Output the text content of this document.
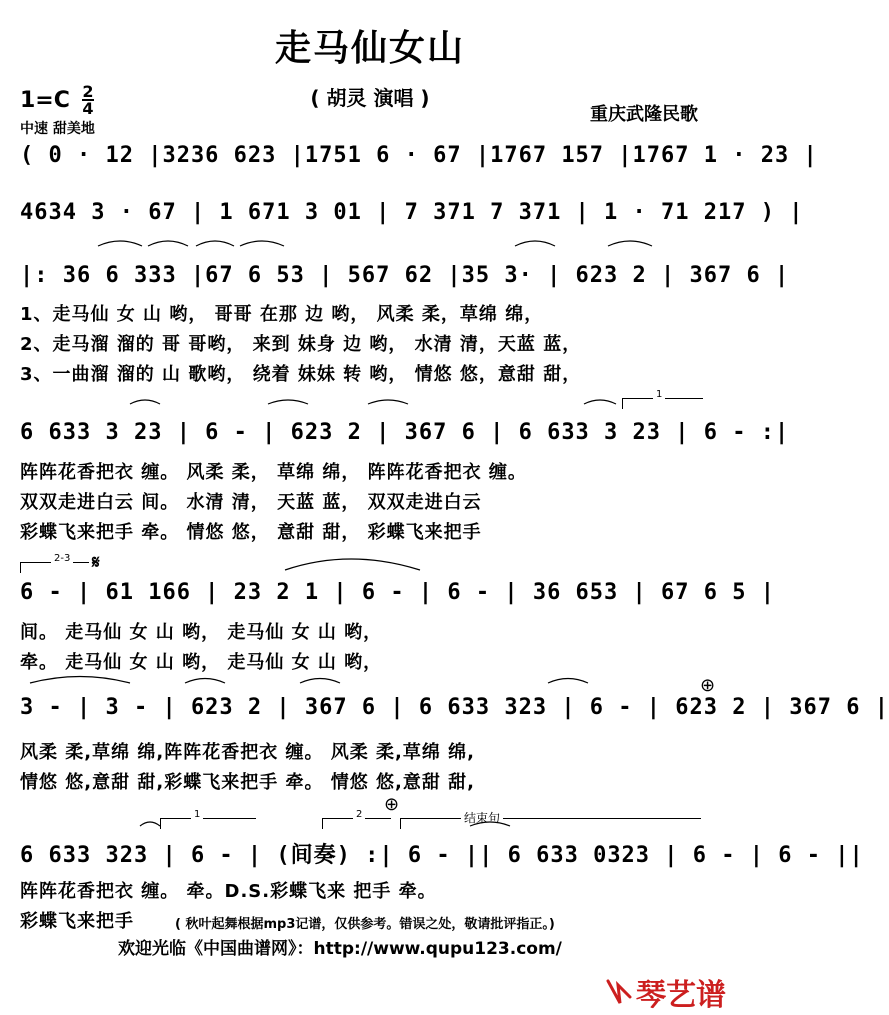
走马仙女山
( 胡灵 演唱 )
1=C 2
4
中速 甜美地
重庆武隆民歌
( 0 · 12 |3236 623 |1751 6 · 67 |1767 157 |1767 1 · 23 |
4634 3 · 67 | 1 671 3 01 | 7 371 7 371 | 1 · 71 217 ) |
|: 36 6 333 |67 6 53 | 567 62 |35 3· | 623 2 | 367 6 |
1、走马仙 女 山 哟， 哥哥 在那 边 哟， 风柔 柔，草绵 绵，
2、走马溜 溜的 哥 哥哟， 来到 妹身 边 哟， 水清 清，天蓝 蓝，
3、一曲溜 溜的 山 歌哟， 绕着 妹妹 转 哟， 情悠 悠，意甜 甜，
1
6 633 3 23 | 6 - | 623 2 | 367 6 | 6 633 3 23 | 6 - :|
阵阵花香把衣 缠。 风柔 柔， 草绵 绵， 阵阵花香把衣 缠。
双双走进白云 间。 水清 清， 天蓝 蓝， 双双走进白云
彩蝶飞来把手 牵。 情悠 悠， 意甜 甜， 彩蝶飞来把手
2-3 𝄋
6 - | 61 166 | 23 2 1 | 6 - | 6 - | 36 653 | 67 6 5 |
间。 走马仙 女 山 哟， 走马仙 女 山 哟，
牵。 走马仙 女 山 哟， 走马仙 女 山 哟，
⊕
3 - | 3 - | 623 2 | 367 6 | 6 633 323 | 6 - | 623 2 | 367 6 |
风柔 柔,草绵 绵,阵阵花香把衣 缠。 风柔 柔,草绵 绵,
情悠 悠,意甜 甜,彩蝶飞来把手 牵。 情悠 悠,意甜 甜,
⊕
1	2	结束句
6 633 323 | 6 - | (间奏) :| 6 - || 6 633 0323 | 6 - | 6 - ||
阵阵花香把衣 缠。 牵。D.S.彩蝶飞来 把手 牵。
彩蝶飞来把手	( 秋叶起舞根据mp3记谱，仅供参考。错误之处，敬请批评指正。)
欢迎光临《中国曲谱网》：http://www.qupu123.com/
琴艺谱
